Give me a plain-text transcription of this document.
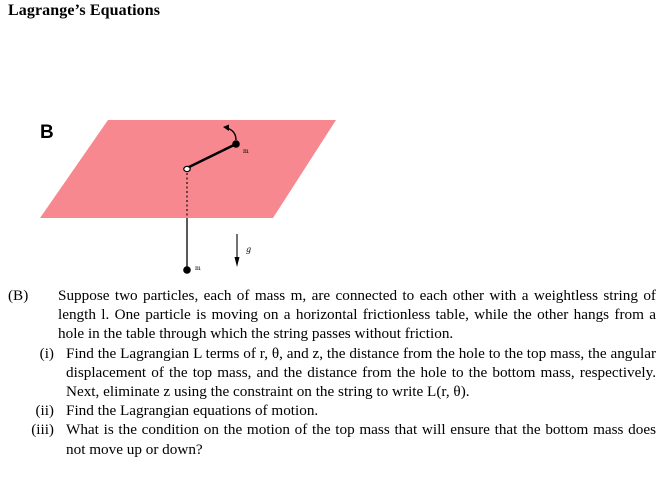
Lagrange’s Equations
B
m
m
g
(B)	Suppose two particles, each of mass m, are connected to each other with a weightless string of length l. One particle is moving on a horizontal frictionless table, while the other hangs from a hole in the table through which the string passes without friction.
(i) Find the Lagrangian L terms of r, θ, and z, the distance from the hole to the top mass, the angular displacement of the top mass, and the distance from the hole to the bottom mass, respectively. Next, eliminate z using the constraint on the string to write L(r, θ).
(ii) Find the Lagrangian equations of motion.
(iii) What is the condition on the motion of the top mass that will ensure that the bottom mass does not move up or down?
